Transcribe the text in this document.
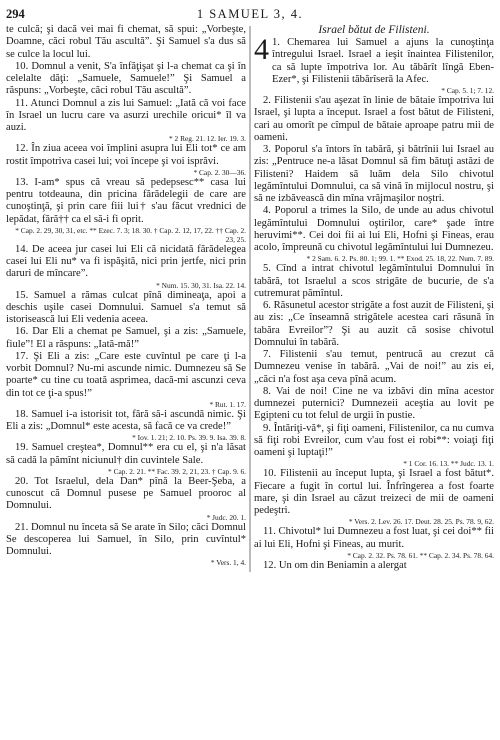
294	1 SAMUEL 3, 4.

te culcă; şi dacă vei mai fi chemat, să spui: „Vorbeşte, Doamne, căci robul Tău ascultă”. Şi Samuel s'a dus să se culce la locul lui.

10. Domnul a venit, S'a înfăţişat şi l-a chemat ca şi în celelalte dăţi: „Samuele, Samuele!” Şi Samuel a răspuns: „Vorbeşte, căci robul Tău ascultă”.

11. Atunci Domnul a zis lui Samuel: „Iată că voi face în Israel un lucru care va asurzi urechile oricui* îl va auzi.

* 2 Reg. 21. 12. Ier. 19. 3.

12. În ziua aceea voi împlini asupra lui Eli tot* ce am rostit împotriva casei lui; voi începe şi voi isprăvi.

* Cap. 2. 30—36.

13. I-am* spus că vreau să pedepsesc** casa lui pentru totdeauna, din pricina fărădelegii de care are cunoştinţă, şi prin care fiii lui† s'au făcut vrednici de lepădat, fără†† ca el să-i fi oprit.

* Cap. 2. 29, 30, 31, etc. ** Ezec. 7. 3; 18. 30. † Cap. 2. 12, 17, 22. †† Cap. 2. 23, 25.

14. De aceea jur casei lui Eli că nicidată fărădelegea casei lui Eli nu* va fi ispăşită, nici prin jertfe, nici prin daruri de mîncare”.

* Num. 15. 30, 31. Isa. 22. 14.

15. Samuel a rămas culcat pînă dimineaţa, apoi a deschis uşile casei Domnului. Samuel s'a temut să istorisească lui Eli vedenia aceea.

16. Dar Eli a chemat pe Samuel, şi a zis: „Samuele, fiule”! El a răspuns: „Iată-mă!”

17. Şi Eli a zis: „Care este cuvîntul pe care ţi l-a vorbit Domnul? Nu-mi ascunde nimic. Dumnezeu să Se poarte* cu tine cu toată asprimea, dacă-mi ascunzi ceva din tot ce ţi-a spus!”

* Rut. 1. 17.

18. Samuel i-a istorisit tot, fără să-i ascundă nimic. Şi Eli a zis: „Domnul* este acesta, să facă ce va crede!”

* Iov. 1. 21; 2. 10. Ps. 39. 9. Isa. 39. 8.

19. Samuel creştea*, Domnul** era cu el, şi n'a lăsat să cadă la pămînt niciunul† din cuvintele Sale.

* Cap. 2. 21. ** Fac. 39. 2, 21, 23. † Cap. 9. 6.

20. Tot Israelul, dela Dan* pînă la Beer-Şeba, a cunoscut că Domnul pusese pe Samuel prooroc al Domnului.

* Judc. 20. 1.

21. Domnul nu înceta să Se arate în Silo; căci Domnul Se descoperea lui Samuel, în Silo, prin cuvîntul* Domnului.

* Vers. 1, 4.

Israel bătut de Filisteni.

4 1. Chemarea lui Samuel a ajuns la cunoştinţa întregului Israel. Israel a ieşit înaintea Filistenilor, ca să lupte împotriva lor. Au tăbărît lîngă Eben-Ezer*, şi Filistenii tăbărîseră la Afec.

* Cap. 5. 1; 7. 12.

2. Filistenii s'au aşezat în linie de bătaie împotriva lui Israel, şi lupta a început. Israel a fost bătut de Filisteni, cari au omorît pe cîmpul de bătaie aproape patru mii de oameni.

3. Poporul s'a întors în tabără, şi bătrînii lui Israel au zis: „Pentruce ne-a lăsat Domnul să fim bătuţi astăzi de Filisteni? Haidem să luăm dela Silo chivotul legămîntului Domnului, ca să vină în mijlocul nostru, şi să ne izbăvească din mîna vrăjmaşilor noştri.

4. Poporul a trimes la Silo, de unde au adus chivotul legămîntului Domnului oştirilor, care* şade între heruvimi**. Cei doi fii ai lui Eli, Hofni şi Fineas, erau acolo, împreună cu chivotul legămîntului lui Dumnezeu.

* 2 Sam. 6. 2. Ps. 80. 1; 99. 1. ** Exod. 25. 18, 22. Num. 7. 89.

5. Cînd a intrat chivotul legămîntului Domnului în tabără, tot Israelul a scos strigăte de bucurie, de s'a cutremurat pămîntul.

6. Răsunetul acestor strigăte a fost auzit de Filisteni, şi au zis: „Ce înseamnă strigătele acestea cari răsună în tabăra Evreilor”? Şi au auzit că sosise chivotul Domnului în tabără.

7. Filistenii s'au temut, pentrucă au crezut că Dumnezeu venise în tabără. „Vai de noi!” au zis ei, „căci n'a fost aşa ceva pînă acum.

8. Vai de noi! Cine ne va izbăvi din mîna acestor dumnezei puternici? Dumnezeii aceştia au lovit pe Egipteni cu tot felul de urgii în pustie.

9. Întăriţi-vă*, şi fiţi oameni, Filistenilor, ca nu cumva să fiţi robi Evreilor, cum v'au fost ei robi**: voiaţi fiţi oameni şi luptaţi!”

* 1 Cor. 16. 13. ** Judc. 13. 1.

10. Filistenii au început lupta, şi Israel a fost bătut*. Fiecare a fugit în cortul lui. Înfrîngerea a fost foarte mare, şi din Israel au căzut treizeci de mii de oameni pedeştri.

* Vers. 2. Lev. 26. 17. Deut. 28. 25. Ps. 78. 9, 62.

11. Chivotul* lui Dumnezeu a fost luat, şi cei doi** fii ai lui Eli, Hofni şi Fineas, au murit.

* Cap. 2. 32. Ps. 78. 61. ** Cap. 2. 34. Ps. 78. 64.

12. Un om din Beniamin a alergat
